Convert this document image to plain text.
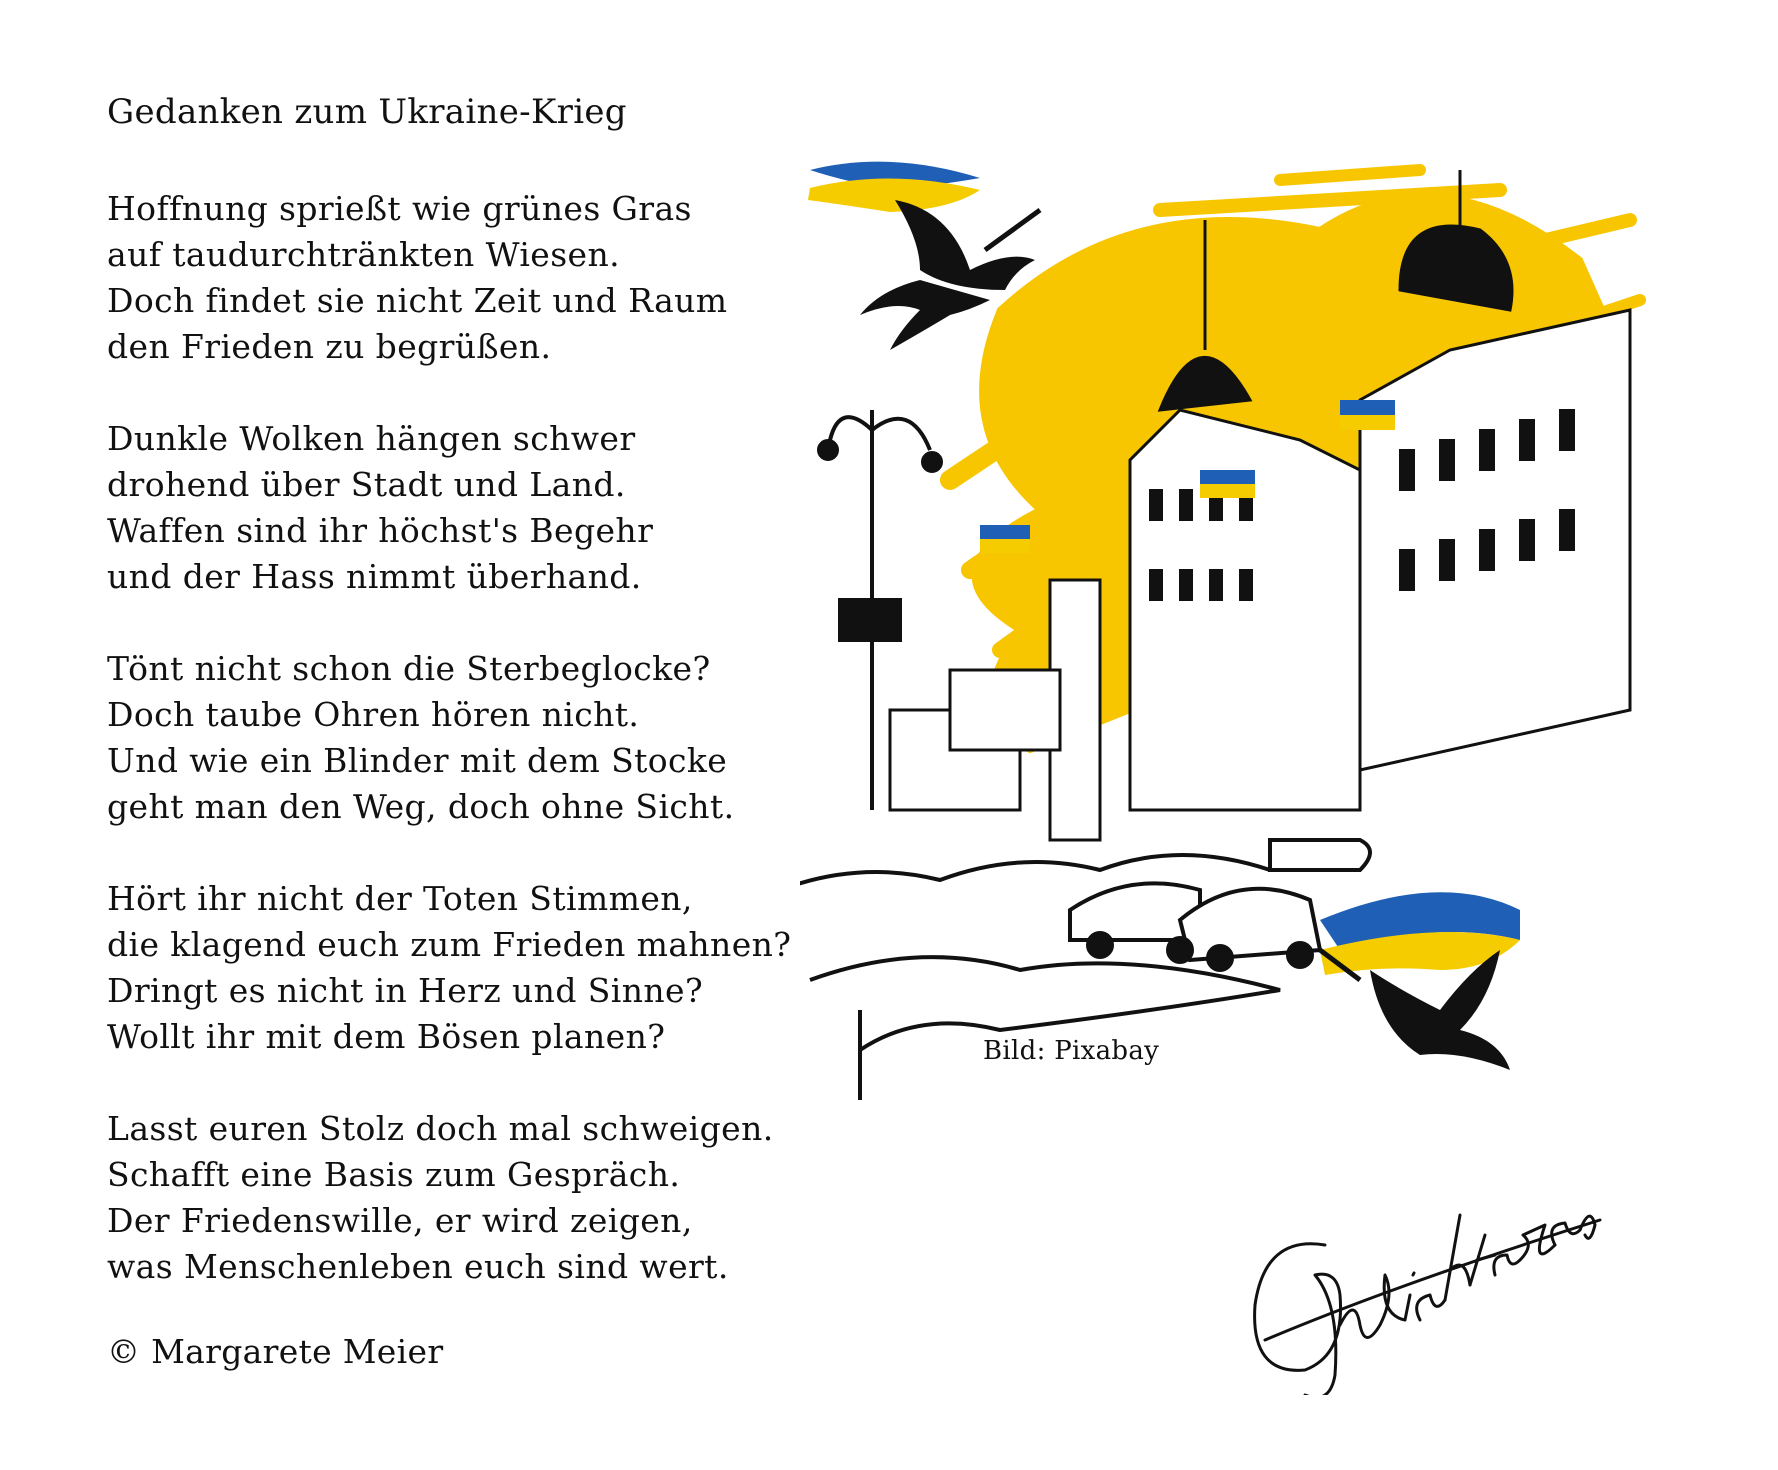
Gedanken zum Ukraine-Krieg
Hoffnung sprießt wie grünes Gras
auf taudurchtränkten Wiesen.
Doch findet sie nicht Zeit und Raum
den Frieden zu begrüßen.
Dunkle Wolken hängen schwer
drohend über Stadt und Land.
Waffen sind ihr höchst's Begehr
und der Hass nimmt überhand.
Tönt nicht schon die Sterbeglocke?
Doch taube Ohren hören nicht.
Und wie ein Blinder mit dem Stocke
geht man den Weg, doch ohne Sicht.
Hört ihr nicht der Toten Stimmen,
die klagend euch zum Frieden mahnen?
Dringt es nicht in Herz und Sinne?
Wollt ihr mit dem Bösen planen?
Lasst euren Stolz doch mal schweigen.
Schafft eine Basis zum Gespräch.
Der Friedenswille, er wird zeigen,
was Menschenleben euch sind wert.
© Margarete Meier
Bild: Pixabay
